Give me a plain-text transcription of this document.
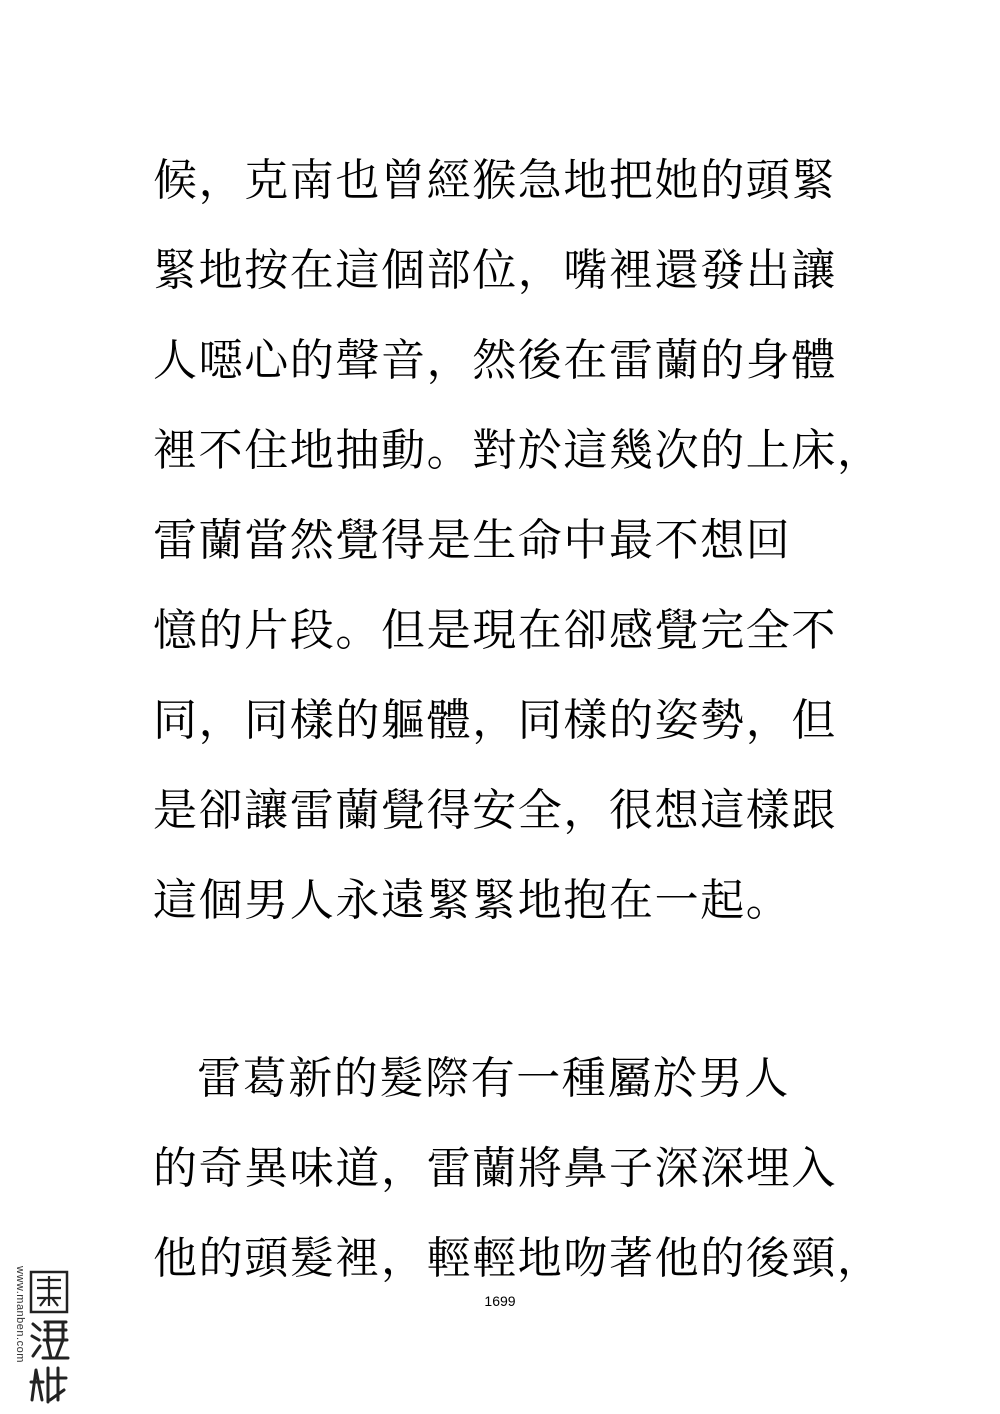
候，克南也曾經猴急地把她的頭緊
緊地按在這個部位，嘴裡還發出讓
人噁心的聲音，然後在雷蘭的身體
裡不住地抽動。對於這幾次的上床，
雷蘭當然覺得是生命中最不想回
憶的片段。但是現在卻感覺完全不
同，同樣的軀體，同樣的姿勢，但
是卻讓雷蘭覺得安全，很想這樣跟
這個男人永遠緊緊地抱在一起。
雷葛新的髮際有一種屬於男人
的奇異味道，雷蘭將鼻子深深埋入
他的頭髮裡，輕輕地吻著他的後頸，
1699
www.manben.com
